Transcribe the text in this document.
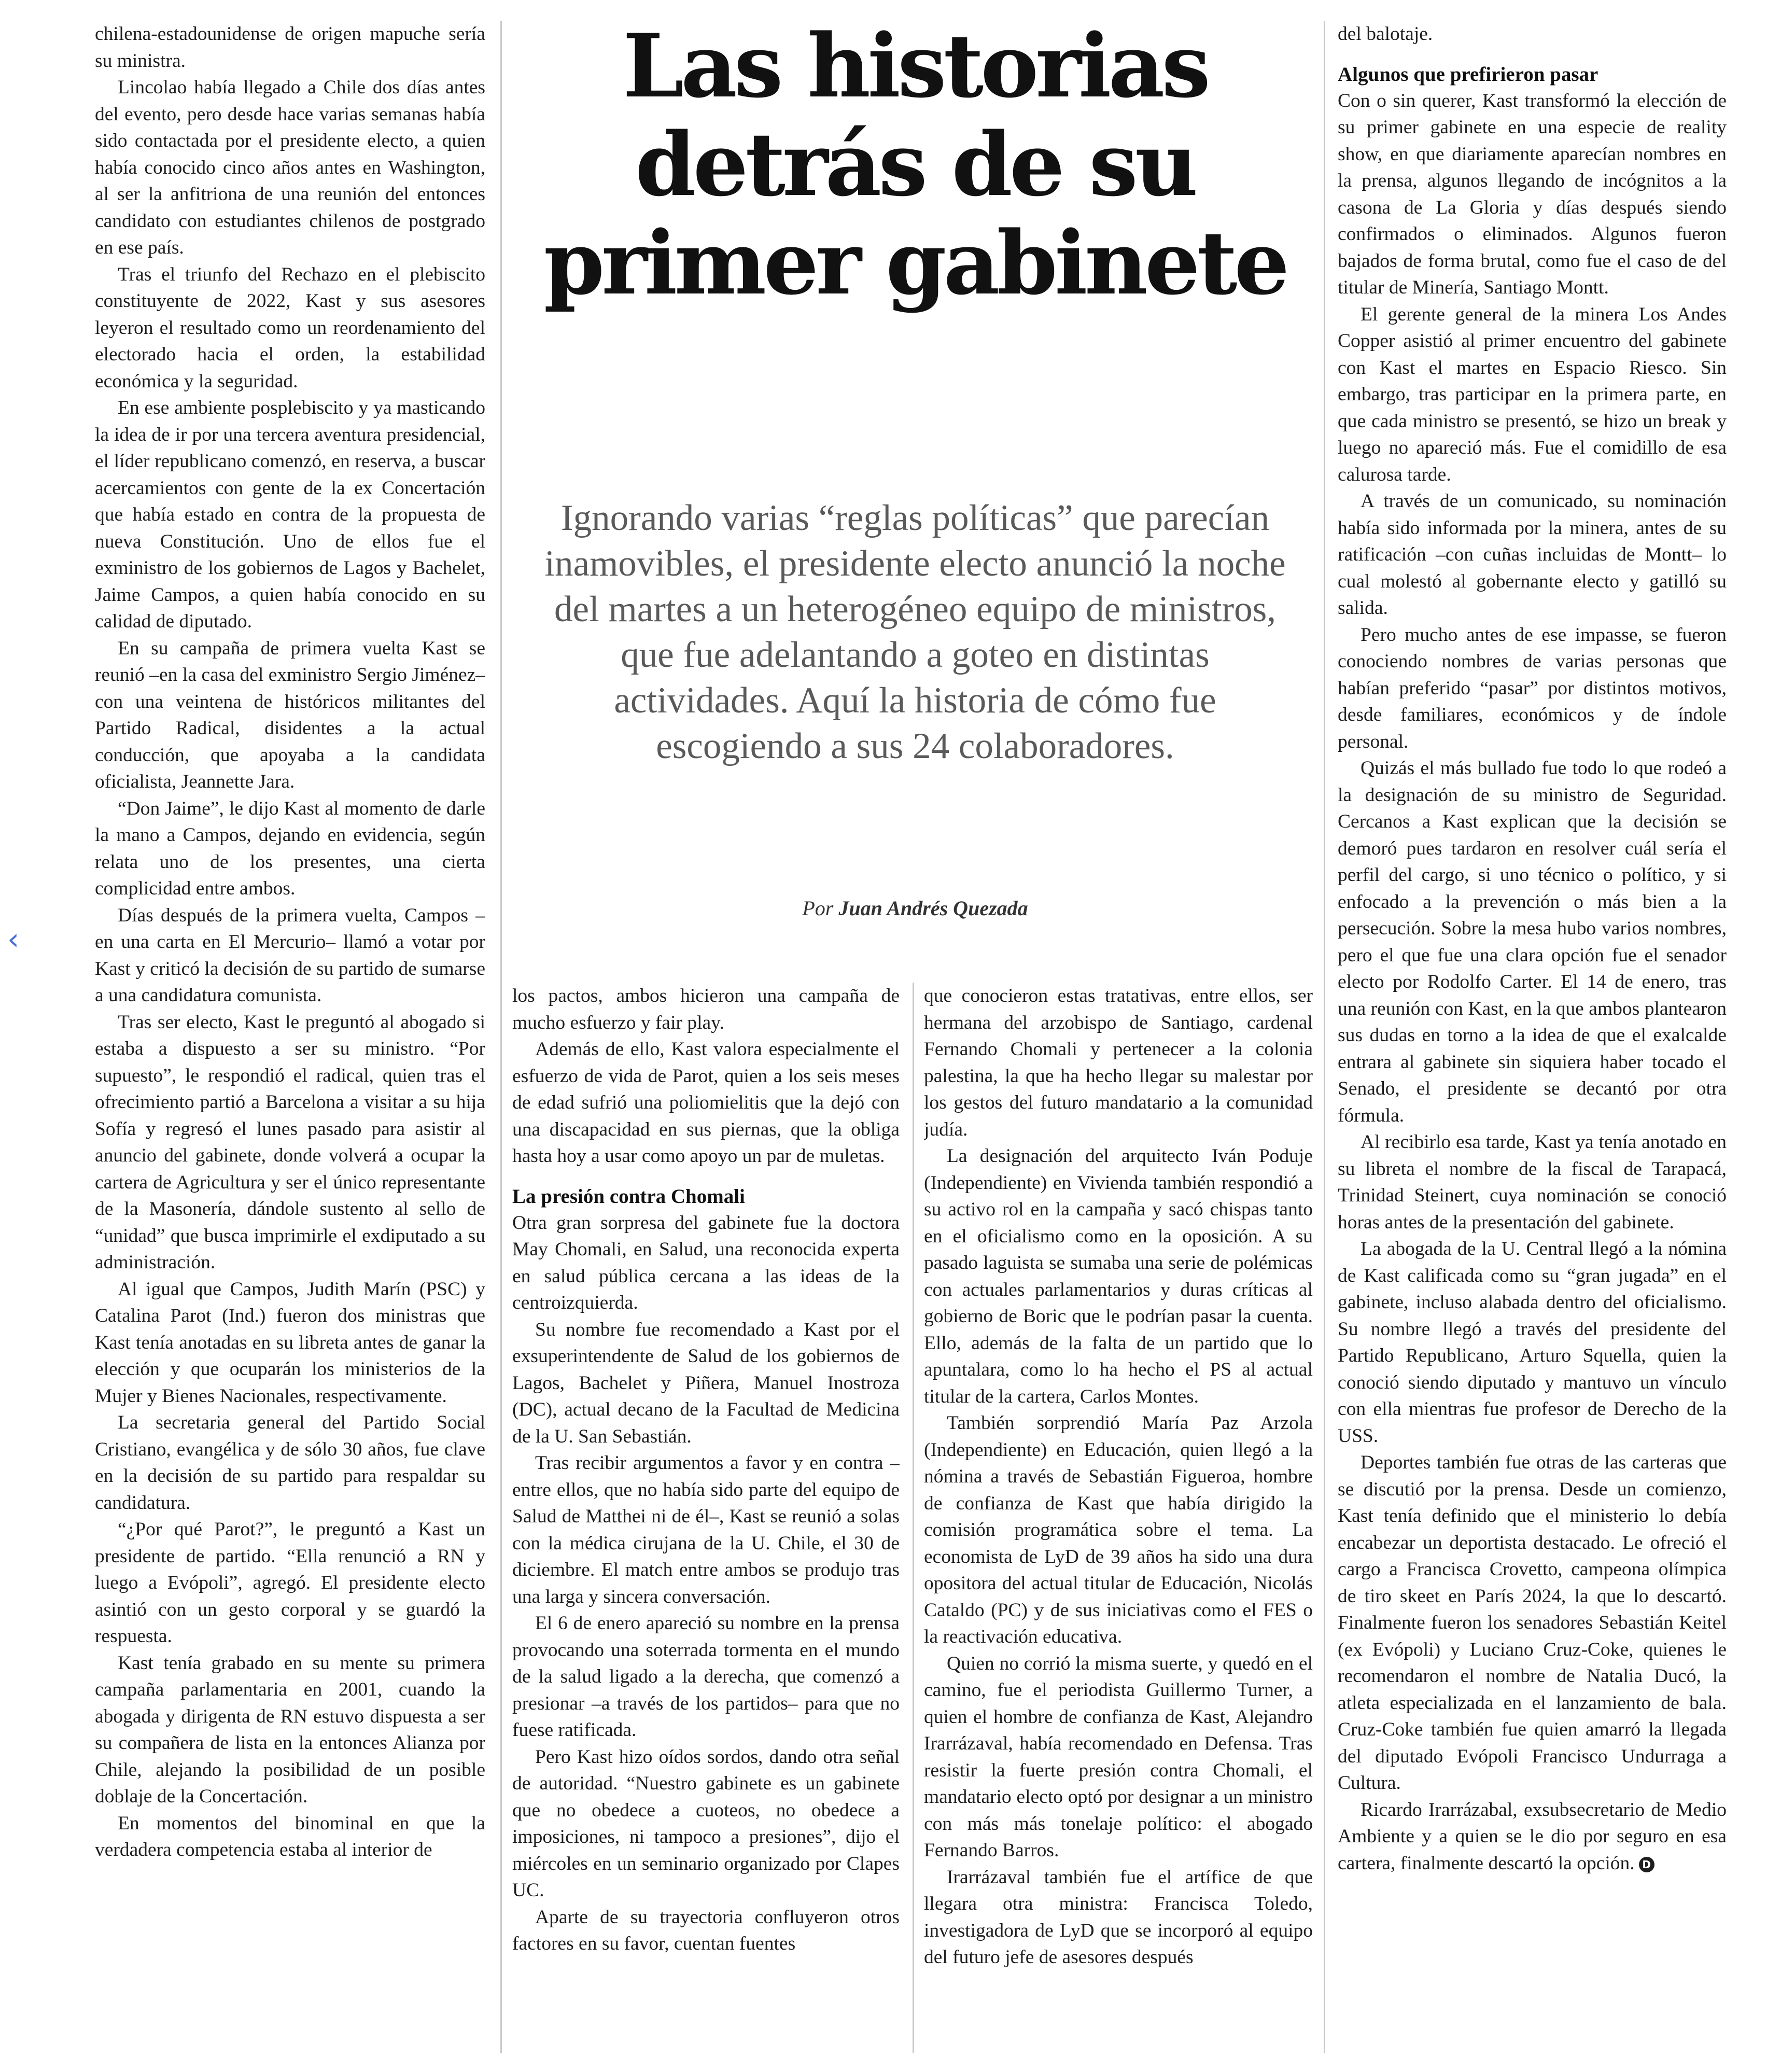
‹

chilena-estadounidense de origen mapuche sería su ministra.

Lincolao había llegado a Chile dos días antes del evento, pero desde hace varias semanas había sido contactada por el presidente electo, a quien había conocido cinco años antes en Washington, al ser la anfitriona de una reunión del entonces candidato con estudiantes chilenos de postgrado en ese país.

Tras el triunfo del Rechazo en el plebiscito constituyente de 2022, Kast y sus asesores leyeron el resultado como un reordenamiento del electorado hacia el orden, la estabilidad económica y la seguridad.

En ese ambiente posplebiscito y ya masticando la idea de ir por una tercera aventura presidencial, el líder republicano comenzó, en reserva, a buscar acercamientos con gente de la ex Concertación que había estado en contra de la propuesta de nueva Constitución. Uno de ellos fue el exministro de los gobiernos de Lagos y Bachelet, Jaime Campos, a quien había conocido en su calidad de diputado.

En su campaña de primera vuelta Kast se reunió –en la casa del exministro Sergio Jiménez– con una veintena de históricos militantes del Partido Radical, disidentes a la actual conducción, que apoyaba a la candidata oficialista, Jeannette Jara.

“Don Jaime”, le dijo Kast al momento de darle la mano a Campos, dejando en evidencia, según relata uno de los presentes, una cierta complicidad entre ambos.

Días después de la primera vuelta, Campos –en una carta en El Mercurio– llamó a votar por Kast y criticó la decisión de su partido de sumarse a una candidatura comunista.

Tras ser electo, Kast le preguntó al abogado si estaba a dispuesto a ser su ministro. “Por supuesto”, le respondió el radical, quien tras el ofrecimiento partió a Barcelona a visitar a su hija Sofía y regresó el lunes pasado para asistir al anuncio del gabinete, donde volverá a ocupar la cartera de Agricultura y ser el único representante de la Masonería, dándole sustento al sello de “unidad” que busca imprimirle el exdiputado a su administración.

Al igual que Campos, Judith Marín (PSC) y Catalina Parot (Ind.) fueron dos ministras que Kast tenía anotadas en su libreta antes de ganar la elección y que ocuparán los ministerios de la Mujer y Bienes Nacionales, respectivamente.

La secretaria general del Partido Social Cristiano, evangélica y de sólo 30 años, fue clave en la decisión de su partido para respaldar su candidatura.

“¿Por qué Parot?”, le preguntó a Kast un presidente de partido. “Ella renunció a RN y luego a Evópoli”, agregó. El presidente electo asintió con un gesto corporal y se guardó la respuesta.

Kast tenía grabado en su mente su primera campaña parlamentaria en 2001, cuando la abogada y dirigenta de RN estuvo dispuesta a ser su compañera de lista en la entonces Alianza por Chile, alejando la posibilidad de un posible doblaje de la Concertación.

En momentos del binominal en que la verdadera competencia estaba al interior de

Las historias detrás de su primer gabinete

Ignorando varias “reglas políticas” que parecían inamovibles, el presidente electo anunció la noche del martes a un heterogéneo equipo de ministros, que fue adelantando a goteo en distintas actividades. Aquí la historia de cómo fue escogiendo a sus 24 colaboradores.

Por Juan Andrés Quezada

los pactos, ambos hicieron una campaña de mucho esfuerzo y fair play.

Además de ello, Kast valora especialmente el esfuerzo de vida de Parot, quien a los seis meses de edad sufrió una poliomielitis que la dejó con una discapacidad en sus piernas, que la obliga hasta hoy a usar como apoyo un par de muletas.

La presión contra Chomali

Otra gran sorpresa del gabinete fue la doctora May Chomali, en Salud, una reconocida experta en salud pública cercana a las ideas de la centroizquierda.

Su nombre fue recomendado a Kast por el exsuperintendente de Salud de los gobiernos de Lagos, Bachelet y Piñera, Manuel Inostroza (DC), actual decano de la Facultad de Medicina de la U. San Sebastián.

Tras recibir argumentos a favor y en contra –entre ellos, que no había sido parte del equipo de Salud de Matthei ni de él–, Kast se reunió a solas con la médica cirujana de la U. Chile, el 30 de diciembre. El match entre ambos se produjo tras una larga y sincera conversación.

El 6 de enero apareció su nombre en la prensa provocando una soterrada tormenta en el mundo de la salud ligado a la derecha, que comenzó a presionar –a través de los partidos– para que no fuese ratificada.

Pero Kast hizo oídos sordos, dando otra señal de autoridad. “Nuestro gabinete es un gabinete que no obedece a cuoteos, no obedece a imposiciones, ni tampoco a presiones”, dijo el miércoles en un seminario organizado por Clapes UC.

Aparte de su trayectoria confluyeron otros factores en su favor, cuentan fuentes

que conocieron estas tratativas, entre ellos, ser hermana del arzobispo de Santiago, cardenal Fernando Chomali y pertenecer a la colonia palestina, la que ha hecho llegar su malestar por los gestos del futuro mandatario a la comunidad judía.

La designación del arquitecto Iván Poduje (Independiente) en Vivienda también respondió a su activo rol en la campaña y sacó chispas tanto en el oficialismo como en la oposición. A su pasado laguista se sumaba una serie de polémicas con actuales parlamentarios y duras críticas al gobierno de Boric que le podrían pasar la cuenta. Ello, además de la falta de un partido que lo apuntalara, como lo ha hecho el PS al actual titular de la cartera, Carlos Montes.

También sorprendió María Paz Arzola (Independiente) en Educación, quien llegó a la nómina a través de Sebastián Figueroa, hombre de confianza de Kast que había dirigido la comisión programática sobre el tema. La economista de LyD de 39 años ha sido una dura opositora del actual titular de Educación, Nicolás Cataldo (PC) y de sus iniciativas como el FES o la reactivación educativa.

Quien no corrió la misma suerte, y quedó en el camino, fue el periodista Guillermo Turner, a quien el hombre de confianza de Kast, Alejandro Irarrázaval, había recomendado en Defensa. Tras resistir la fuerte presión contra Chomali, el mandatario electo optó por designar a un ministro con más más tonelaje político: el abogado Fernando Barros.

Irarrázaval también fue el artífice de que llegara otra ministra: Francisca Toledo, investigadora de LyD que se incorporó al equipo del futuro jefe de asesores después

del balotaje.

Algunos que prefirieron pasar

Con o sin querer, Kast transformó la elección de su primer gabinete en una especie de reality show, en que diariamente aparecían nombres en la prensa, algunos llegando de incógnitos a la casona de La Gloria y días después siendo confirmados o eliminados. Algunos fueron bajados de forma brutal, como fue el caso de del titular de Minería, Santiago Montt.

El gerente general de la minera Los Andes Copper asistió al primer encuentro del gabinete con Kast el martes en Espacio Riesco. Sin embargo, tras participar en la primera parte, en que cada ministro se presentó, se hizo un break y luego no apareció más. Fue el comidillo de esa calurosa tarde.

A través de un comunicado, su nominación había sido informada por la minera, antes de su ratificación –con cuñas incluidas de Montt– lo cual molestó al gobernante electo y gatilló su salida.

Pero mucho antes de ese impasse, se fueron conociendo nombres de varias personas que habían preferido “pasar” por distintos motivos, desde familiares, económicos y de índole personal.

Quizás el más bullado fue todo lo que rodeó a la designación de su ministro de Seguridad. Cercanos a Kast explican que la decisión se demoró pues tardaron en resolver cuál sería el perfil del cargo, si uno técnico o político, y si enfocado a la prevención o más bien a la persecución. Sobre la mesa hubo varios nombres, pero el que fue una clara opción fue el senador electo por Rodolfo Carter. El 14 de enero, tras una reunión con Kast, en la que ambos plantearon sus dudas en torno a la idea de que el exalcalde entrara al gabinete sin siquiera haber tocado el Senado, el presidente se decantó por otra fórmula.

Al recibirlo esa tarde, Kast ya tenía anotado en su libreta el nombre de la fiscal de Tarapacá, Trinidad Steinert, cuya nominación se conoció horas antes de la presentación del gabinete.

La abogada de la U. Central llegó a la nómina de Kast calificada como su “gran jugada” en el gabinete, incluso alabada dentro del oficialismo. Su nombre llegó a través del presidente del Partido Republicano, Arturo Squella, quien la conoció siendo diputado y mantuvo un vínculo con ella mientras fue profesor de Derecho de la USS.

Deportes también fue otras de las carteras que se discutió por la prensa. Desde un comienzo, Kast tenía definido que el ministerio lo debía encabezar un deportista destacado. Le ofreció el cargo a Francisca Crovetto, campeona olímpica de tiro skeet en París 2024, la que lo descartó. Finalmente fueron los senadores Sebastián Keitel (ex Evópoli) y Luciano Cruz-Coke, quienes le recomendaron el nombre de Natalia Ducó, la atleta especializada en el lanzamiento de bala. Cruz-Coke también fue quien amarró la llegada del diputado Evópoli Francisco Undurraga a Cultura.

Ricardo Irarrázabal, exsubsecretario de Medio Ambiente y a quien se le dio por seguro en esa cartera, finalmente descartó la opción. D
